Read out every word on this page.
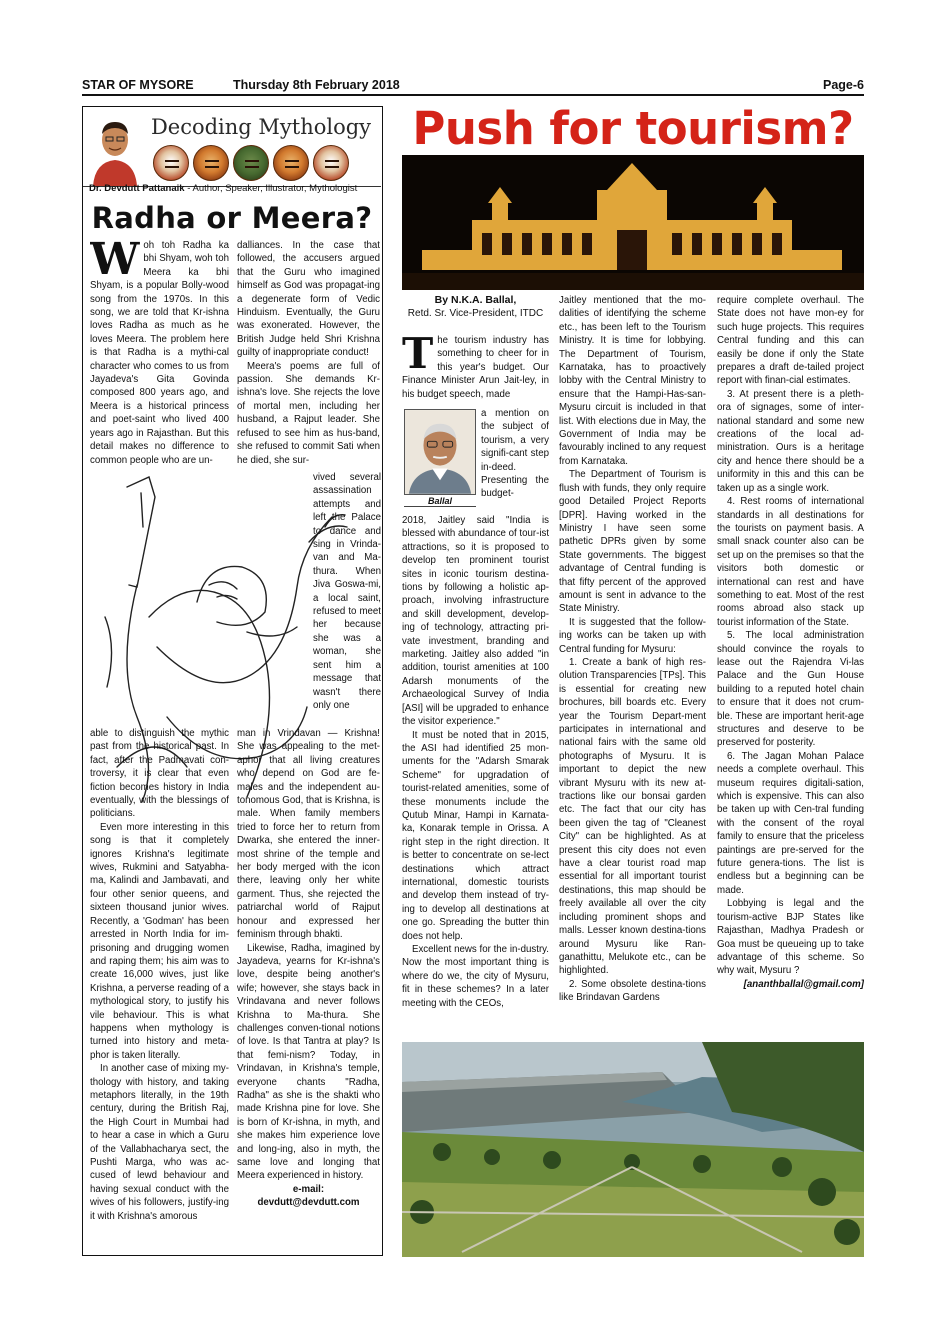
STAR OF MYSORE	Thursday 8th February 2018	Page-6
Decoding Mythology
Dr. Devdutt Pattanaik - Author, Speaker, Illustrator, Mythologist
Radha or Meera?
Woh toh Radha ka bhi Shyam, woh toh Meera ka bhi Shyam, is a popular Bolly-wood song from the 1970s. In this song, we are told that Kr-ishna loves Radha as much as he loves Meera. The problem here is that Radha is a mythi-cal character who comes to us from Jayadeva's Gita Govinda composed 800 years ago, and Meera is a historical princess and poet-saint who lived 400 years ago in Rajasthan. But this detail makes no difference to common people who are un-

dalliances. In the case that followed, the accusers argued that the Guru who imagined himself as God was propagat-ing a degenerate form of Vedic Hinduism. Eventually, the Guru was exonerated. However, the British Judge held Shri Krishna guilty of inappropriate conduct!

Meera's poems are full of passion. She demands Kr-ishna's love. She rejects the love of mortal men, including her husband, a Rajput leader. She refused to see him as hus-band, she refused to commit Sati when he died, she sur-

vived several assassination attempts and left the Palace to dance and sing in Vrinda-van and Ma-thura. When Jiva Goswa-mi, a local saint, refused to meet her because she was a woman, she sent him a message that wasn't there only one

able to distinguish the mythic past from the historical past. In fact, after the Padmavati con-troversy, it is clear that even fiction becomes history in India eventually, with the blessings of politicians.

Even more interesting in this song is that it completely ignores Krishna's legitimate wives, Rukmini and Satyabha-ma, Kalindi and Jambavati, and four other senior queens, and sixteen thousand junior wives. Recently, a 'Godman' has been arrested in North India for im-prisoning and drugging women and raping them; his aim was to create 16,000 wives, just like Krishna, a perverse reading of a mythological story, to justify his vile behaviour. This is what happens when mythology is turned into history and meta-phor is taken literally.

In another case of mixing my-thology with history, and taking metaphors literally, in the 19th century, during the British Raj, the High Court in Mumbai had to hear a case in which a Guru of the Vallabhacharya sect, the Pushti Marga, who was ac-cused of lewd behaviour and having sexual conduct with the wives of his followers, justify-ing it with Krishna's amorous

man in Vrindavan — Krishna! She was appealing to the met-aphor that all living creatures who depend on God are fe-males and the independent au-tonomous God, that is Krishna, is male. When family members tried to force her to return from Dwarka, she entered the inner-most shrine of the temple and her body merged with the icon there, leaving only her white garment. Thus, she rejected the patriarchal world of Rajput honour and expressed her feminism through bhakti.

Likewise, Radha, imagined by Jayadeva, yearns for Kr-ishna's love, despite being another's wife; however, she stays back in Vrindavana and never follows Krishna to Ma-thura. She challenges conven-tional notions of love. Is that Tantra at play? Is that femi-nism? Today, in Vrindavan, in Krishna's temple, everyone chants "Radha, Radha" as she is the shakti who made Krishna pine for love. She is born of Kr-ishna, in myth, and she makes him experience love and long-ing, also in myth, the same love and longing that Meera experienced in history.

e-mail:

devdutt@devdutt.com

Push for tourism?
By N.K.A. Ballal,
Retd. Sr. Vice-President, ITDC
The tourism industry has something to cheer for in this year's budget. Our Finance Minister Arun Jait-ley, in his budget speech, made
Ballal

a mention on the subject of tourism, a very signifi-cant step in-deed. Presenting the budget-

2018, Jaitley said "India is blessed with abundance of tour-ist attractions, so it is proposed to develop ten prominent tourist sites in iconic tourism destina-tions by following a holistic ap-proach, involving infrastructure and skill development, develop-ing of technology, attracting pri-vate investment, branding and marketing. Jaitley also added "in addition, tourist amenities at 100 Adarsh monuments of the Archaeological Survey of India [ASI] will be upgraded to enhance the visitor experience."

It must be noted that in 2015, the ASI had identified 25 mon-uments for the "Adarsh Smarak Scheme" for upgradation of tourist-related amenities, some of these monuments include the Qutub Minar, Hampi in Karnata-ka, Konarak temple in Orissa. A right step in the right direction. It is better to concentrate on se-lect destinations which attract international, domestic tourists and develop them instead of try-ing to develop all destinations at one go. Spreading the butter thin does not help.

Excellent news for the in-dustry. Now the most important thing is where do we, the city of Mysuru, fit in these schemes? In a later meeting with the CEOs,

Jaitley mentioned that the mo-dalities of identifying the scheme etc., has been left to the Tourism Ministry. It is time for lobbying. The Department of Tourism, Karnataka, has to proactively lobby with the Central Ministry to ensure that the Hampi-Has-san-Mysuru circuit is included in that list. With elections due in May, the Government of India may be favourably inclined to any request from Karnataka.

The Department of Tourism is flush with funds, they only require good Detailed Project Reports [DPR]. Having worked in the Ministry I have seen some pathetic DPRs given by some State governments. The biggest advantage of Central funding is that fifty percent of the approved amount is sent in advance to the State Ministry.

It is suggested that the follow-ing works can be taken up with Central funding for Mysuru:

1. Create a bank of high res-olution Transparencies [TPs]. This is essential for creating new brochures, bill boards etc. Every year the Tourism Depart-ment participates in international and national fairs with the same old photographs of Mysuru. It is important to depict the new vibrant Mysuru with its new at-tractions like our bonsai garden etc. The fact that our city has been given the tag of "Cleanest City" can be highlighted. As at present this city does not even have a clear tourist road map essential for all important tourist destinations, this map should be freely available all over the city including prominent shops and malls. Lesser known destina-tions around Mysuru like Ran-ganathittu, Melukote etc., can be highlighted.

2. Some obsolete destina-tions like Brindavan Gardens

require complete overhaul. The State does not have mon-ey for such huge projects. This requires Central funding and this can easily be done if only the State prepares a draft de-tailed project report with finan-cial estimates.

3. At present there is a pleth-ora of signages, some of inter-national standard and some new creations of the local ad-ministration. Ours is a heritage city and hence there should be a uniformity in this and this can be taken up as a single work.

4. Rest rooms of international standards in all destinations for the tourists on payment basis. A small snack counter also can be set up on the premises so that the visitors both domestic or international can rest and have something to eat. Most of the rest rooms abroad also stack up tourist information of the State.

5. The local administration should convince the royals to lease out the Rajendra Vi-las Palace and the Gun House building to a reputed hotel chain to ensure that it does not crum-ble. These are important herit-age structures and deserve to be preserved for posterity.

6. The Jagan Mohan Palace needs a complete overhaul. This museum requires digitali-sation, which is expensive. This can also be taken up with Cen-tral funding with the consent of the royal family to ensure that the priceless paintings are pre-served for the future genera-tions. The list is endless but a beginning can be made.

Lobbying is legal and the tourism-active BJP States like Rajasthan, Madhya Pradesh or Goa must be queueing up to take advantage of this scheme. So why wait, Mysuru ?

[ananthballal@gmail.com]
